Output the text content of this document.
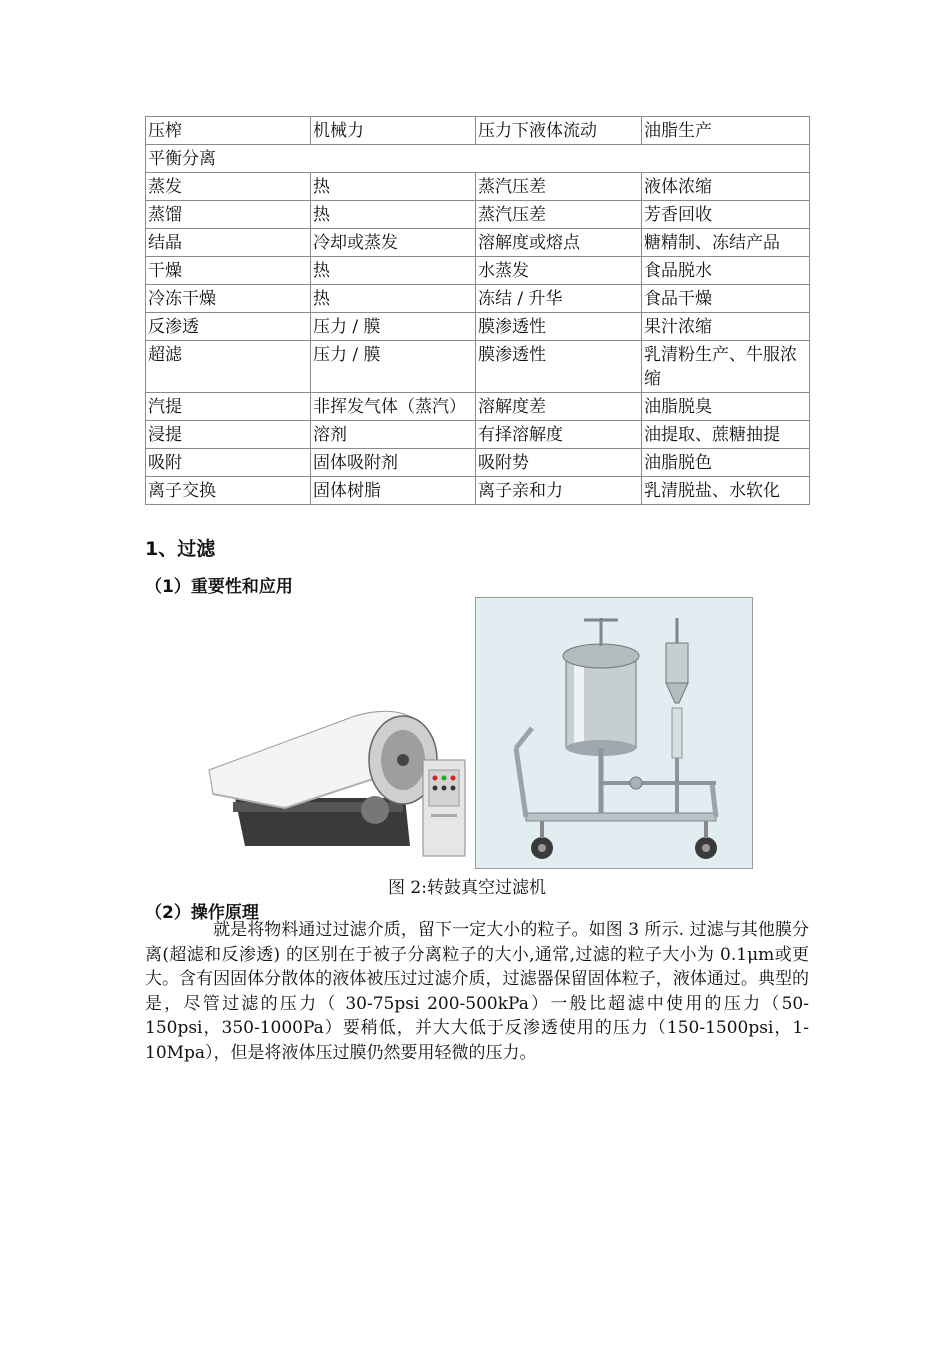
压榨	机械力	压力下液体流动	油脂生产
平衡分离			
蒸发	热	蒸汽压差	液体浓缩
蒸馏	热	蒸汽压差	芳香回收
结晶	冷却或蒸发	溶解度或熔点	糖精制、冻结产品
干燥	热	水蒸发	食品脱水
冷冻干燥	热	冻结 / 升华	食品干燥
反渗透	压力 / 膜	膜渗透性	果汁浓缩
超滤	压力 / 膜	膜渗透性	乳清粉生产、牛服浓缩
汽提	非挥发气体（蒸汽）	溶解度差	油脂脱臭
浸提	溶剂	有择溶解度	油提取、蔗糖抽提
吸附	固体吸附剂	吸附势	油脂脱色
离子交换	固体树脂	离子亲和力	乳清脱盐、水软化
1、过滤
（1）重要性和应用
图 2:转鼓真空过滤机
（2）操作原理

就是将物料通过过滤介质，留下一定大小的粒子。如图 3 所示. 过滤与其他膜分离(超滤和反渗透) 的区别在于被子分离粒子的大小,通常,过滤的粒子大小为 0.1μm或更大。含有因固体分散体的液体被压过过滤介质，过滤器保留固体粒子，液体通过。典型的是，尽管过滤的压力（ 30-75psi 200-500kPa）一般比超滤中使用的压力（50-150psi，350-1000Pa）要稍低，并大大低于反渗透使用的压力（150-1500psi，1-10Mpa），但是将液体压过膜仍然要用轻微的压力。
